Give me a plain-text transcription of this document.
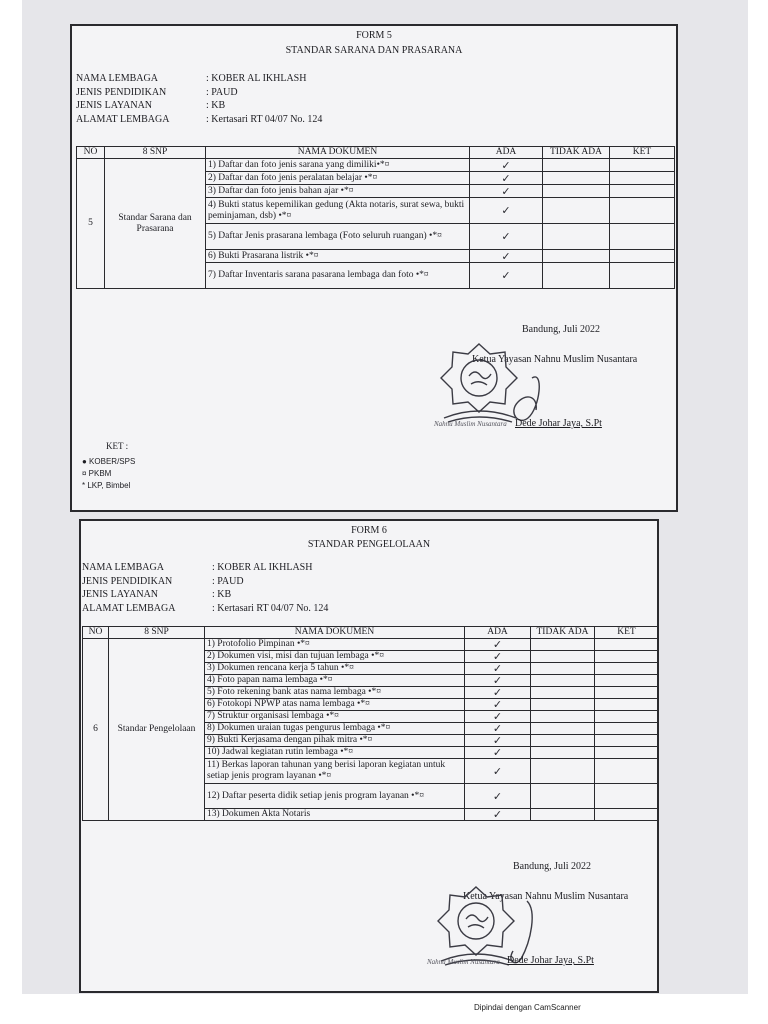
FORM 5
STANDAR SARANA DAN PRASARANA
NAMA LEMBAGA	: KOBER AL IKHLASH
JENIS PENDIDIKAN	: PAUD
JENIS LAYANAN	: KB
ALAMAT LEMBAGA	: Kertasari RT 04/07 No. 124
NO	8 SNP	NAMA DOKUMEN	ADA	TIDAK ADA	KET
5	Standar Sarana dan Prasarana	1) Daftar dan foto jenis sarana yang dimiliki•*¤	✓		

		2) Daftar dan foto jenis peralatan belajar •*¤	✓		

		3) Daftar dan foto jenis bahan ajar •*¤	✓		

		4) Bukti status kepemilikan gedung (Akta notaris, surat sewa, bukti peminjaman, dsb) •*¤	✓		

		5) Daftar Jenis prasarana lembaga (Foto seluruh ruangan) •*¤	✓		

		6) Bukti Prasarana listrik •*¤	✓		

		7) Daftar Inventaris sarana pasarana lembaga dan foto •*¤	✓		

Bandung, Juli 2022
Ketua Yayasan Nahnu Muslim Nusantara
Nahnu Muslim Nusantara Dede Johar Jaya, S.Pt
KET :
● KOBER/SPS
¤ PKBM
* LKP, Bimbel
FORM 6
STANDAR PENGELOLAAN
NAMA LEMBAGA	: KOBER AL IKHLASH
JENIS PENDIDIKAN	: PAUD
JENIS LAYANAN	: KB
ALAMAT LEMBAGA	: Kertasari RT 04/07 No. 124
NO	8 SNP	NAMA DOKUMEN	ADA	TIDAK ADA	KET
6	Standar Pengelolaan	1) Protofolio Pimpinan •*¤	✓		

		2) Dokumen visi, misi dan tujuan lembaga •*¤	✓		

		3) Dokumen rencana kerja 5 tahun •*¤	✓		

		4) Foto papan nama lembaga •*¤	✓		

		5) Foto rekening bank atas nama lembaga •*¤	✓		

		6) Fotokopi NPWP atas nama lembaga •*¤	✓		

		7) Struktur organisasi lembaga •*¤	✓		

		8) Dokumen uraian tugas pengurus lembaga •*¤	✓		

		9) Bukti Kerjasama dengan pihak mitra •*¤	✓		

		10) Jadwal kegiatan rutin lembaga •*¤	✓		

		11) Berkas laporan tahunan yang berisi laporan kegiatan untuk setiap jenis program layanan •*¤	✓		

		12) Daftar peserta didik setiap jenis program layanan •*¤	✓		

		13) Dokumen Akta Notaris	✓		

Bandung, Juli 2022
Ketua Yayasan Nahnu Muslim Nusantara
Nahnu Muslim Nusantara Dede Johar Jaya, S.Pt
Dipindai dengan CamScanner
